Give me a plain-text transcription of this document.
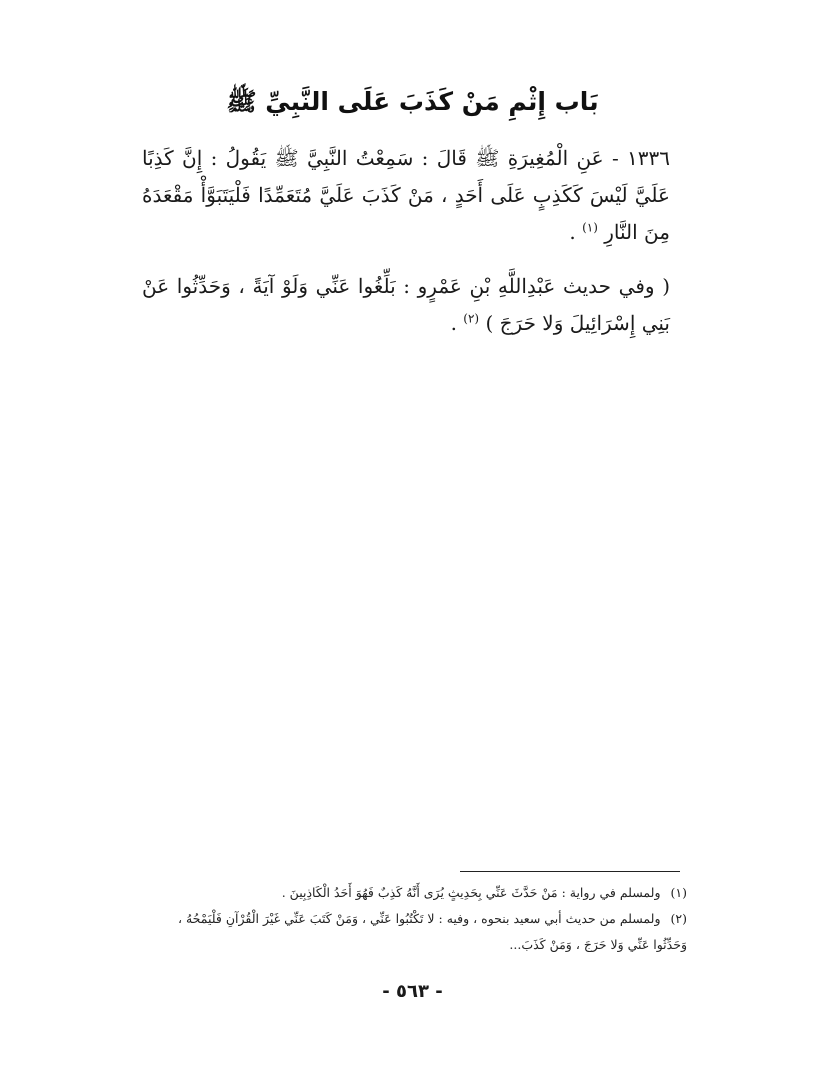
بَاب إِثْمِ مَنْ كَذَبَ عَلَى النَّبِيِّ ﷺ
١٣٣٦ - عَنِ الْمُغِيرَةِ ﷺ قَالَ : سَمِعْتُ النَّبِيَّ ﷺ يَقُولُ : إِنَّ كَذِبًا عَلَيَّ لَيْسَ كَكَذِبٍ عَلَى أَحَدٍ ، مَنْ كَذَبَ عَلَيَّ مُتَعَمِّدًا فَلْيَتَبَوَّأْ مَقْعَدَهُ مِنَ النَّارِ $^{(١)}$ .
( وفي حديث عَبْدِاللَّهِ بْنِ عَمْرٍو : بَلِّغُوا عَنِّي وَلَوْ آيَةً ، وَحَدِّثُوا عَنْ بَنِي إِسْرَائِيلَ وَلا حَرَجَ ) $^{(٢)}$ .

(١) ولمسلم في رواية : مَنْ حَدَّثَ عَنِّي بِحَدِيثٍ يُرَى أَنَّهُ كَذِبٌ فَهُوَ أَحَدُ الْكَاذِبِينَ .

(٢) ولمسلم من حديث أبي سعيد بنحوه ، وفيه : لا تَكْتُبُوا عَنِّي ، وَمَنْ كَتَبَ عَنِّي غَيْرَ الْقُرْآنِ فَلْيَمْحُهُ ، وَحَدِّثُوا عَنِّي وَلا حَرَجَ ، وَمَنْ كَذَبَ...

- ٥٦٣ -
